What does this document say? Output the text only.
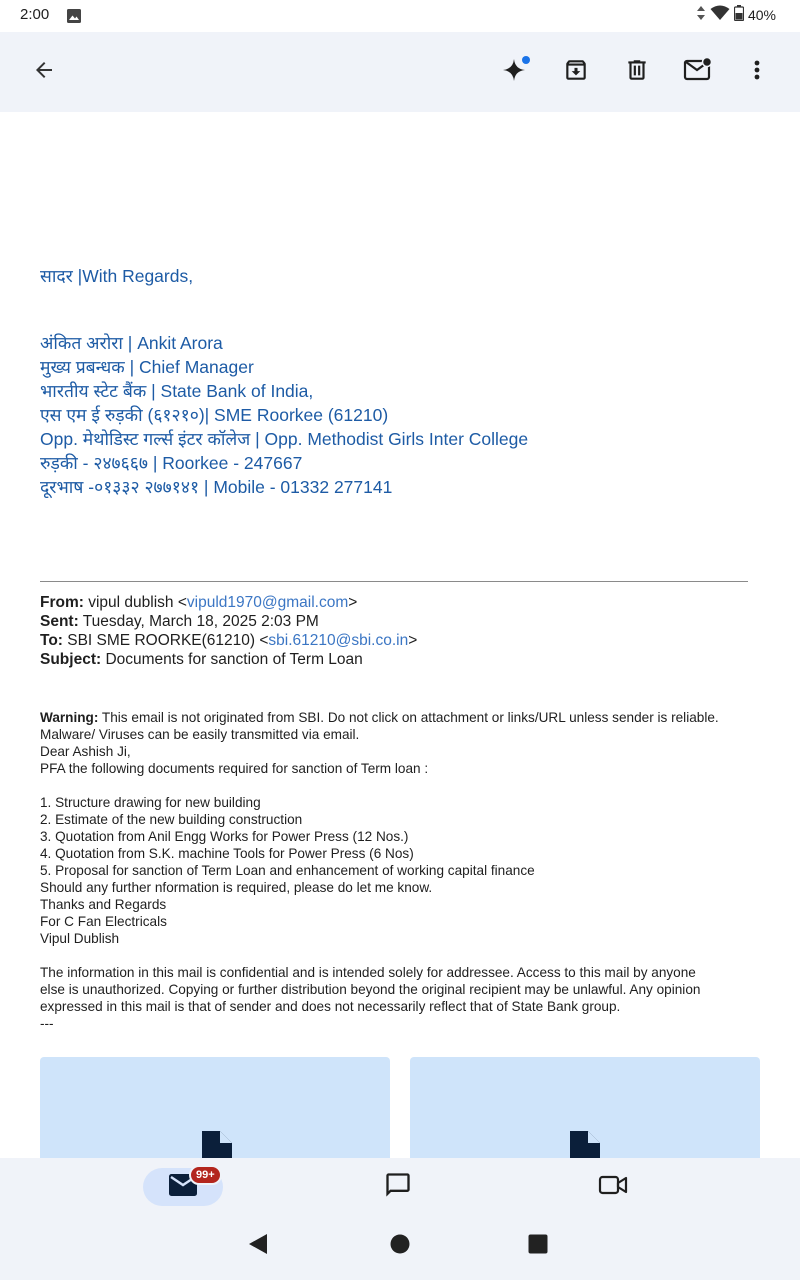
2:00	40%
सादर |With Regards,
अंकित अरोरा | Ankit Arora
मुख्य प्रबन्धक | Chief Manager
भारतीय स्टेट बैंक | State Bank of India,
एस एम ई रुड़की (६१२१०)| SME Roorkee (61210)
Opp. मेथोडिस्ट गर्ल्स इंटर कॉलेज | Opp. Methodist Girls Inter College
रुड़की - २४७६६७ | Roorkee - 247667
दूरभाष -०१३३२ २७७१४१ | Mobile - 01332 277141
From: vipul dublish <vipuld1970@gmail.com>
Sent: Tuesday, March 18, 2025 2:03 PM
To: SBI SME ROORKE(61210) <sbi.61210@sbi.co.in>
Subject: Documents for sanction of Term Loan

Warning: This email is not originated from SBI. Do not click on attachment or links/URL unless sender is reliable.

Malware/ Viruses can be easily transmitted via email.

Dear Ashish Ji,

PFA the following documents required for sanction of Term loan :

1. Structure drawing for new building

2. Estimate of the new building construction

3. Quotation from Anil Engg Works for Power Press (12 Nos.)

4. Quotation from S.K. machine Tools for Power Press (6 Nos)

5. Proposal for sanction of Term Loan and enhancement of working capital finance

Should any further nformation is required, please do let me know.

Thanks and Regards

For C Fan Electricals

Vipul Dublish

The information in this mail is confidential and is intended solely for addressee. Access to this mail by anyone

else is unauthorized. Copying or further distribution beyond the original recipient may be unlawful. Any opinion

expressed in this mail is that of sender and does not necessarily reflect that of State Bank group.

---

99+
